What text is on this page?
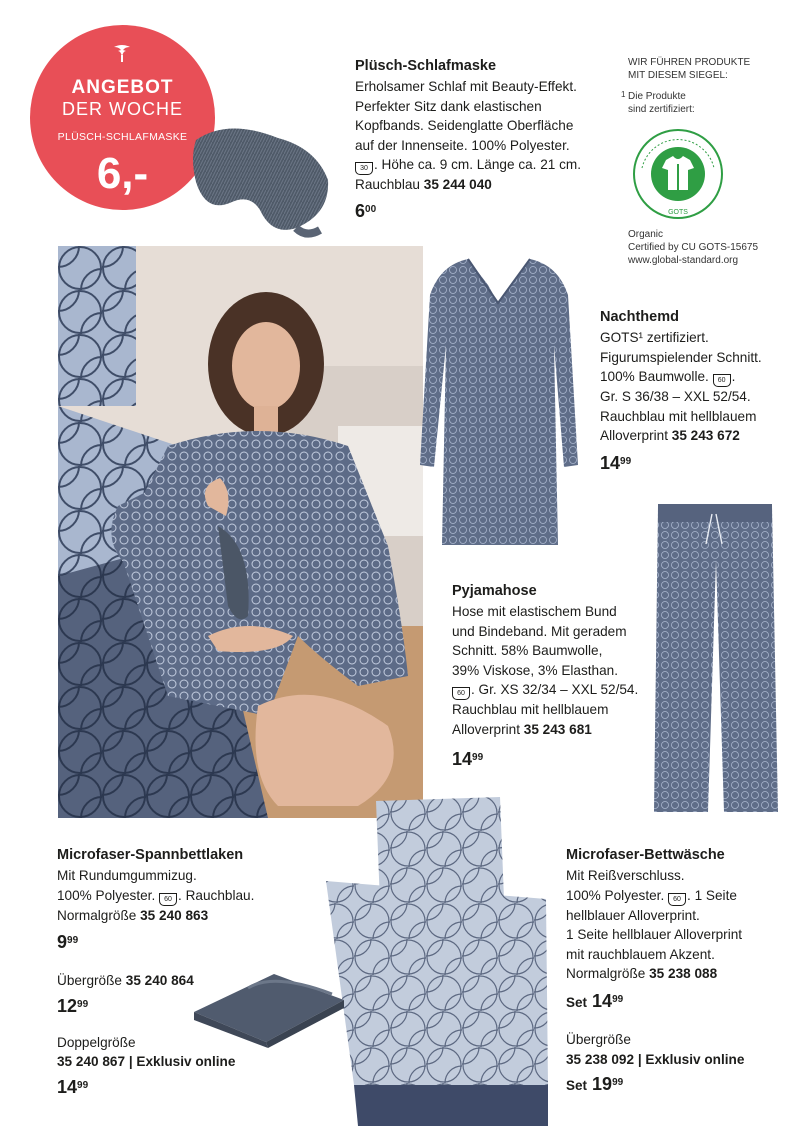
ANGEBOT
DER WOCHE
PLÜSCH-SCHLAFMASKE
6,-
Plüsch-Schlafmaske
Erholsamer Schlaf mit Beauty-Effekt.
Perfekter Sitz dank elastischen
Kopfbands. Seidenglatte Oberfläche
auf der Innenseite. 100% Polyester.
30 . Höhe ca. 9 cm. Länge ca. 21 cm.
Rauchblau 35 244 040
$6^{00}$
WIR FÜHREN PRODUKTE
MIT DIESEM SIEGEL:
1 Die Produkte
sind zertifiziert:
GOTS
Organic
Certified by CU GOTS-15675
www.global-standard.org
Nachthemd
GOTS¹ zertifiziert.
Figurumspielender Schnitt.
100% Baumwolle. 60 .
Gr. S 36/38 – XXL 52/54.
Rauchblau mit hellblauem
Alloverprint 35 243 672
$14^{99}$
Pyjamahose
Hose mit elastischem Bund
und Bindeband. Mit geradem
Schnitt. 58% Baumwolle,
39% Viskose, 3% Elasthan.
60 . Gr. XS 32/34 – XXL 52/54.
Rauchblau mit hellblauem
Alloverprint 35 243 681
$14^{99}$
Microfaser-Spannbettlaken
Mit Rundumgummizug.
100% Polyester. 60 . Rauchblau.
Normalgröße 35 240 863
$9^{99}$
Übergröße 35 240 864
$12^{99}$
Doppelgröße
35 240 867 | Exklusiv online
$14^{99}$
Microfaser-Bettwäsche
Mit Reißverschluss.
100% Polyester. 60 . 1 Seite
hellblauer Alloverprint.
1 Seite hellblauer Alloverprint
mit rauchblauem Akzent.
Normalgröße 35 238 088
Set $14^{99}$
Übergröße
35 238 092 | Exklusiv online
Set $19^{99}$
